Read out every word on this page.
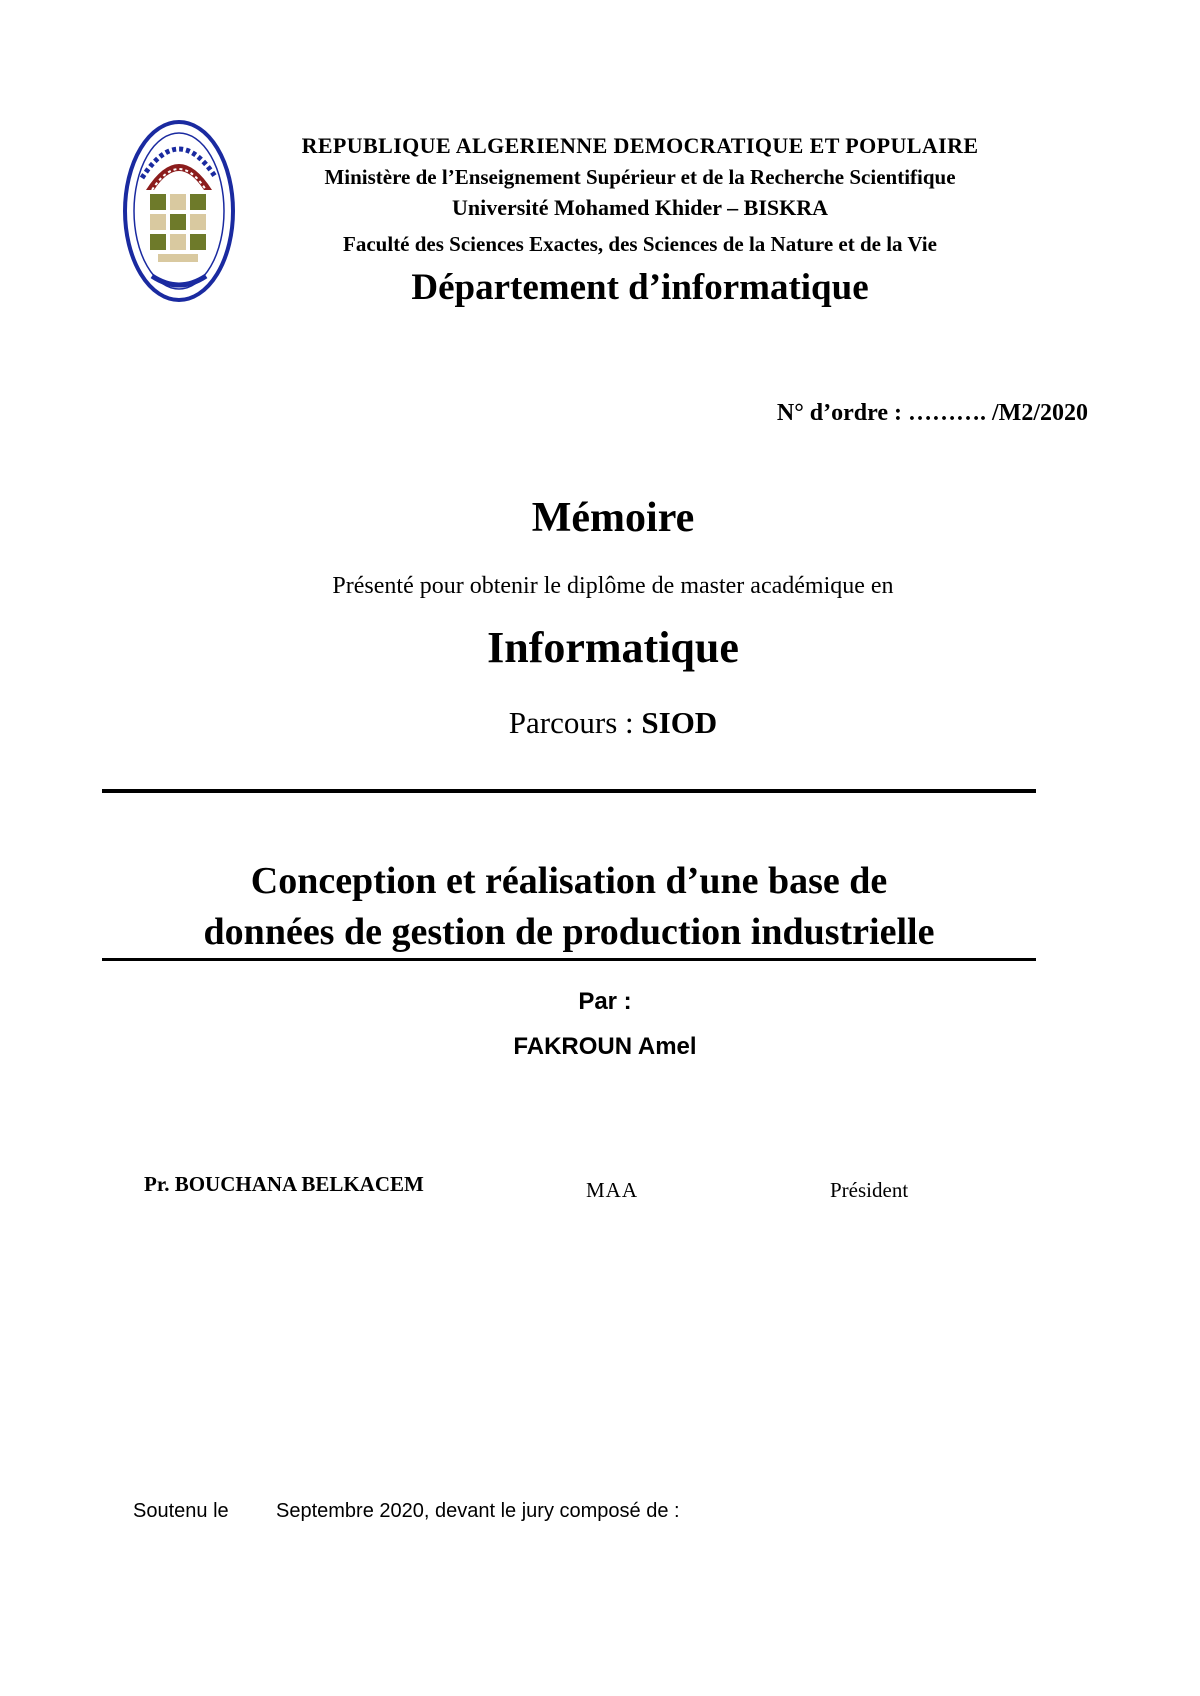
REPUBLIQUE ALGERIENNE DEMOCRATIQUE ET POPULAIRE
Ministère de l’Enseignement Supérieur et de la Recherche Scientifique
Université Mohamed Khider – BISKRA
Faculté des Sciences Exactes, des Sciences de la Nature et de la Vie
Département d’informatique
N° d’ordre : ………. /M2/2020
Mémoire
Présenté pour obtenir le diplôme de master académique en
Informatique
Parcours : SIOD
Conception et réalisation d’une base de
données de gestion de production industrielle
Par :
FAKROUN Amel
Pr. BOUCHANA BELKACEM	MAA	Président
Soutenu le Septembre 2020, devant le jury composé de :
